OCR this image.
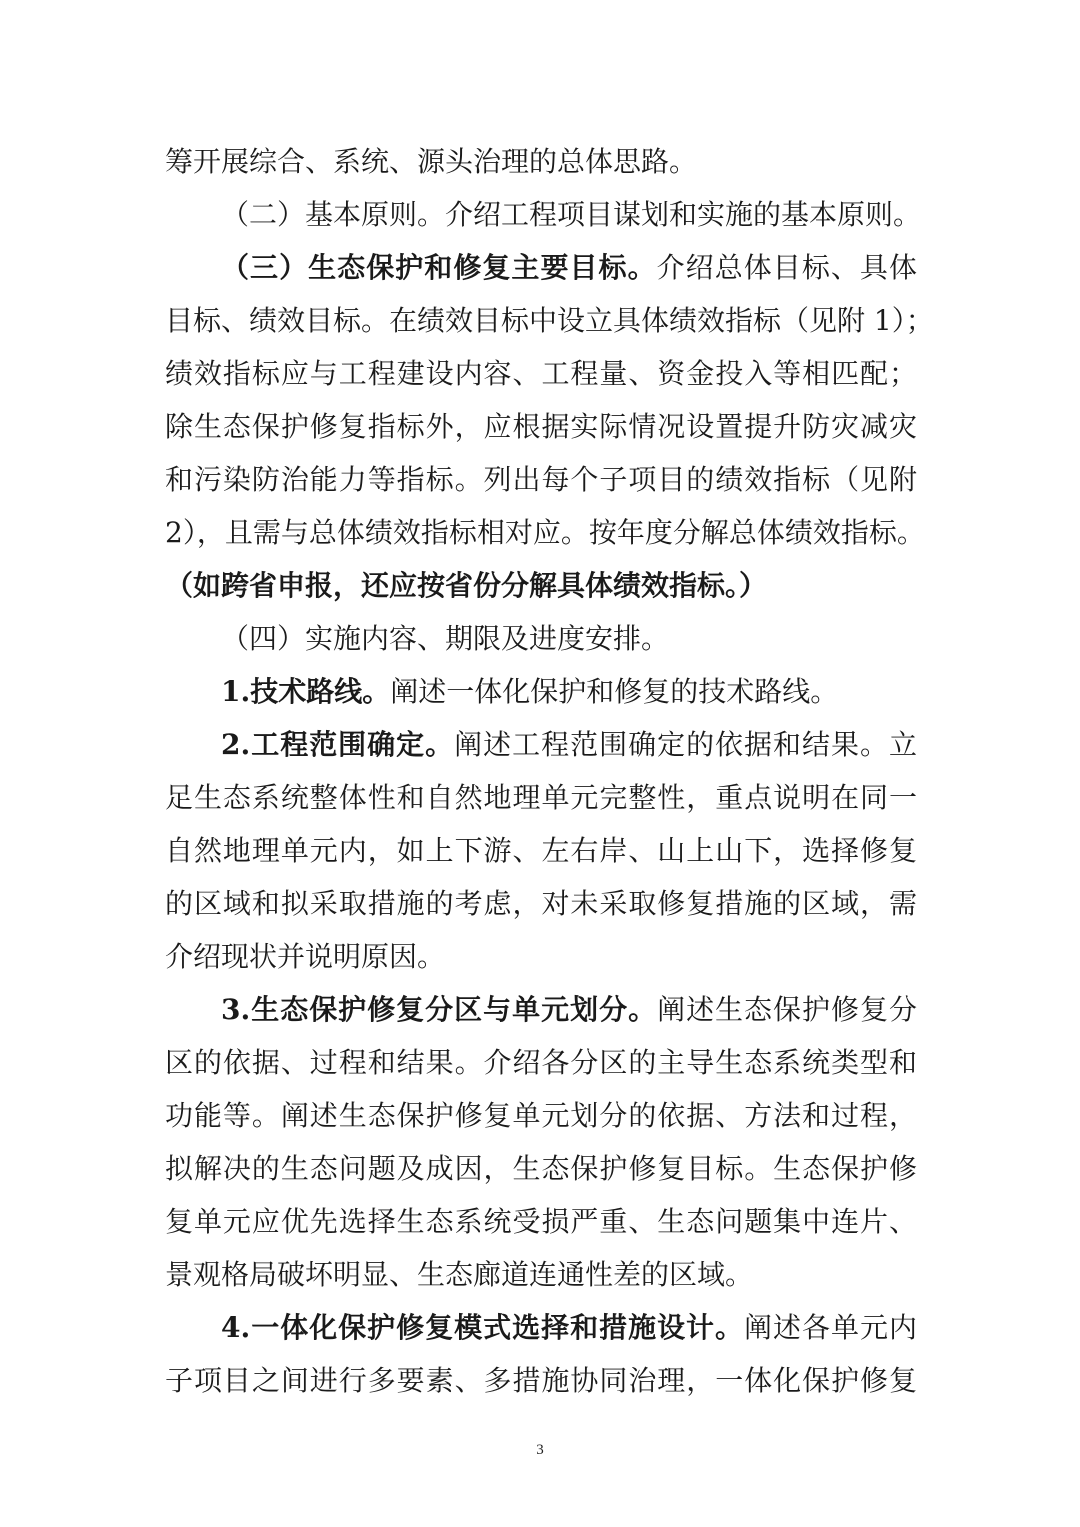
筹开展综合、系统、源头治理的总体思路。
（二）基本原则。介绍工程项目谋划和实施的基本原则。
（三）生态保护和修复主要目标。介绍总体目标、具体
目标、绩效目标。在绩效目标中设立具体绩效指标（见附 1）；
绩效指标应与工程建设内容、工程量、资金投入等相匹配；
除生态保护修复指标外，应根据实际情况设置提升防灾减灾
和污染防治能力等指标。列出每个子项目的绩效指标（见附
2），且需与总体绩效指标相对应。按年度分解总体绩效指标。
（如跨省申报，还应按省份分解具体绩效指标。）
（四）实施内容、期限及进度安排。
1.技术路线。阐述一体化保护和修复的技术路线。
2.工程范围确定。阐述工程范围确定的依据和结果。立
足生态系统整体性和自然地理单元完整性，重点说明在同一
自然地理单元内，如上下游、左右岸、山上山下，选择修复
的区域和拟采取措施的考虑，对未采取修复措施的区域，需
介绍现状并说明原因。
3.生态保护修复分区与单元划分。阐述生态保护修复分
区的依据、过程和结果。介绍各分区的主导生态系统类型和
功能等。阐述生态保护修复单元划分的依据、方法和过程，
拟解决的生态问题及成因，生态保护修复目标。生态保护修
复单元应优先选择生态系统受损严重、生态问题集中连片、
景观格局破坏明显、生态廊道连通性差的区域。
4.一体化保护修复模式选择和措施设计。阐述各单元内
子项目之间进行多要素、多措施协同治理，一体化保护修复
3
